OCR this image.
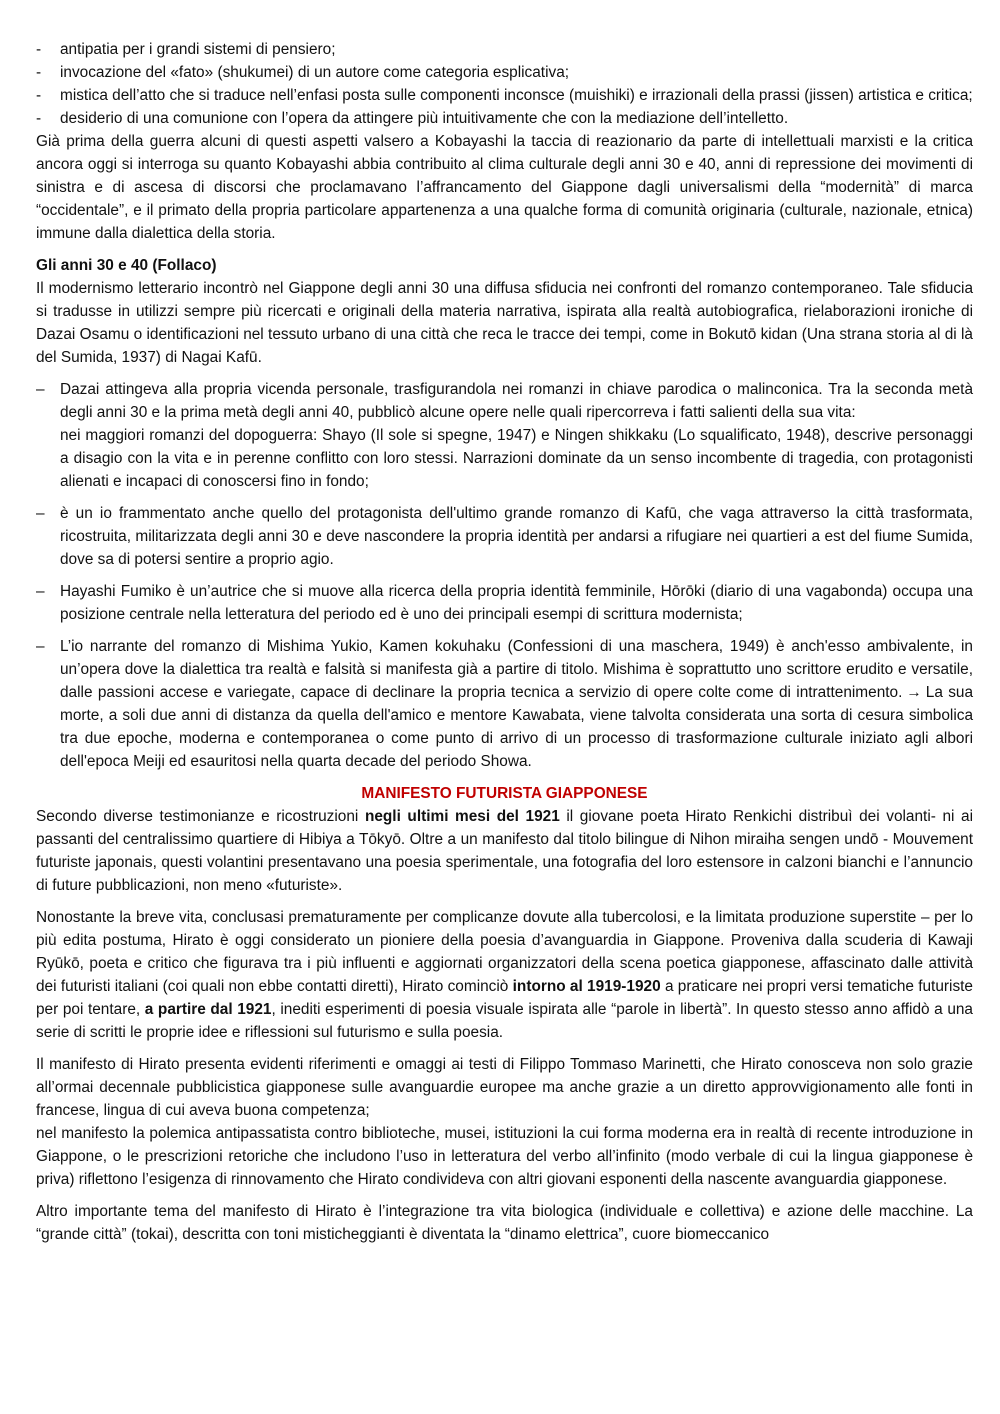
- antipatia per i grandi sistemi di pensiero;
- invocazione del «fato» (shukumei) di un autore come categoria esplicativa;
- mistica dell’atto che si traduce nell’enfasi posta sulle componenti inconsce (muishiki) e irrazionali della prassi (jissen) artistica e critica;
- desiderio di una comunione con l’opera da attingere più intuitivamente che con la mediazione dell’intelletto.

Già prima della guerra alcuni di questi aspetti valsero a Kobayashi la taccia di reazionario da parte di intellettuali marxisti e la critica ancora oggi si interroga su quanto Kobayashi abbia contribuito al clima culturale degli anni 30 e 40, anni di repressione dei movimenti di sinistra e di ascesa di discorsi che proclamavano l’affrancamento del Giappone dagli universalismi della “modernità” di marca “occidentale”, e il primato della propria particolare appartenenza a una qualche forma di comunità originaria (culturale, nazionale, etnica) immune dalla dialettica della storia.

Gli anni 30 e 40 (Follaco)

Il modernismo letterario incontrò nel Giappone degli anni 30 una diffusa sfiducia nei confronti del romanzo contemporaneo. Tale sfiducia si tradusse in utilizzi sempre più ricercati e originali della materia narrativa, ispirata alla realtà autobiografica, rielaborazioni ironiche di Dazai Osamu o identificazioni nel tessuto urbano di una città che reca le tracce dei tempi, come in Bokutō kidan (Una strana storia al di là del Sumida, 1937) di Nagai Kafū.

– Dazai attingeva alla propria vicenda personale, trasfigurandola nei romanzi in chiave parodica o malinconica. Tra la seconda metà degli anni 30 e la prima metà degli anni 40, pubblicò alcune opere nelle quali ripercorreva i fatti salienti della sua vita:
nei maggiori romanzi del dopoguerra: Shayo (Il sole si spegne, 1947) e Ningen shikkaku (Lo squalificato, 1948), descrive personaggi a disagio con la vita e in perenne conflitto con loro stessi. Narrazioni dominate da un senso incombente di tragedia, con protagonisti alienati e incapaci di conoscersi fino in fondo;
– è un io frammentato anche quello del protagonista dell'ultimo grande romanzo di Kafū, che vaga attraverso la città trasformata, ricostruita, militarizzata degli anni 30 e deve nascondere la propria identità per andarsi a rifugiare nei quartieri a est del fiume Sumida, dove sa di potersi sentire a proprio agio.
– Hayashi Fumiko è un’autrice che si muove alla ricerca della propria identità femminile, Hōrōki (diario di una vagabonda) occupa una posizione centrale nella letteratura del periodo ed è uno dei principali esempi di scrittura modernista;
– L’io narrante del romanzo di Mishima Yukio, Kamen kokuhaku (Confessioni di una maschera, 1949) è anch'esso ambivalente, in un’opera dove la dialettica tra realtà e falsità si manifesta già a partire di titolo. Mishima è soprattutto uno scrittore erudito e versatile, dalle passioni accese e variegate, capace di declinare la propria tecnica a servizio di opere colte come di intrattenimento. → La sua morte, a soli due anni di distanza da quella dell'amico e mentore Kawabata, viene talvolta considerata una sorta di cesura simbolica tra due epoche, moderna e contemporanea o come punto di arrivo di un processo di trasformazione culturale iniziato agli albori dell'epoca Meiji ed esauritosi nella quarta decade del periodo Showa.

MANIFESTO FUTURISTA GIAPPONESE

Secondo diverse testimonianze e ricostruzioni negli ultimi mesi del 1921 il giovane poeta Hirato Renkichi distribuì dei volanti- ni ai passanti del centralissimo quartiere di Hibiya a Tōkyō. Oltre a un manifesto dal titolo bilingue di Nihon miraiha sengen undō - Mouvement futuriste japonais, questi volantini presentavano una poesia sperimentale, una fotografia del loro estensore in calzoni bianchi e l’annuncio di future pubblicazioni, non meno «futuriste».

Nonostante la breve vita, conclusasi prematuramente per complicanze dovute alla tubercolosi, e la limitata produzione superstite – per lo più edita postuma, Hirato è oggi considerato un pioniere della poesia d’avanguardia in Giappone. Proveniva dalla scuderia di Kawaji Ryūkō, poeta e critico che figurava tra i più influenti e aggiornati organizzatori della scena poetica giapponese, affascinato dalle attività dei futuristi italiani (coi quali non ebbe contatti diretti), Hirato cominciò intorno al 1919-1920 a praticare nei propri versi tematiche futuriste per poi tentare, a partire dal 1921, inediti esperimenti di poesia visuale ispirata alle “parole in libertà”. In questo stesso anno affidò a una serie di scritti le proprie idee e riflessioni sul futurismo e sulla poesia.

Il manifesto di Hirato presenta evidenti riferimenti e omaggi ai testi di Filippo Tommaso Marinetti, che Hirato conosceva non solo grazie all’ormai decennale pubblicistica giapponese sulle avanguardie europee ma anche grazie a un diretto approvvigionamento alle fonti in francese, lingua di cui aveva buona competenza;

nel manifesto la polemica antipassatista contro biblioteche, musei, istituzioni la cui forma moderna era in realtà di recente introduzione in Giappone, o le prescrizioni retoriche che includono l’uso in letteratura del verbo all’infinito (modo verbale di cui la lingua giapponese è priva) riflettono l’esigenza di rinnovamento che Hirato condivideva con altri giovani esponenti della nascente avanguardia giapponese.

Altro importante tema del manifesto di Hirato è l’integrazione tra vita biologica (individuale e collettiva) e azione delle macchine. La “grande città” (tokai), descritta con toni misticheggianti è diventata la “dinamo elettrica”, cuore biomeccanico
